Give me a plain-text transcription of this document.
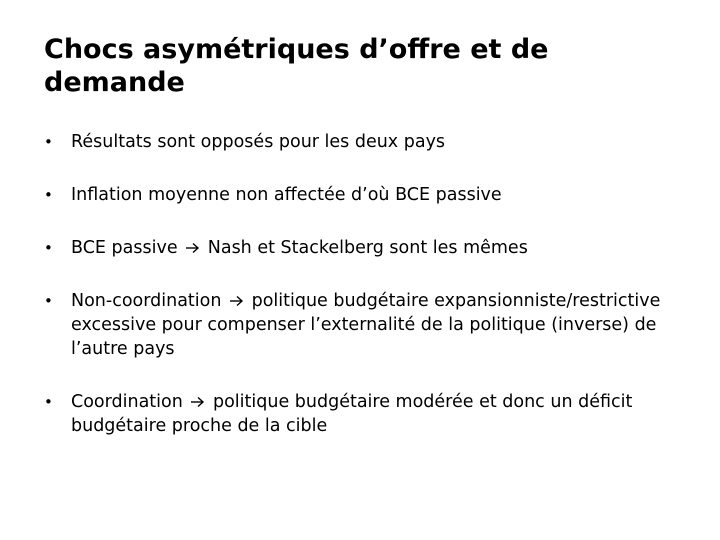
Chocs asymétriques d’offre et de demande
• Résultats sont opposés pour les deux pays
• Inflation moyenne non affectée d’où BCE passive
• BCE passive Nash et Stackelberg sont les mêmes
• Non-coordination politique budgétaire expansionniste/restrictive excessive pour compenser l’externalité de la politique (inverse) de l’autre pays
• Coordination politique budgétaire modérée et donc un déficit budgétaire proche de la cible
